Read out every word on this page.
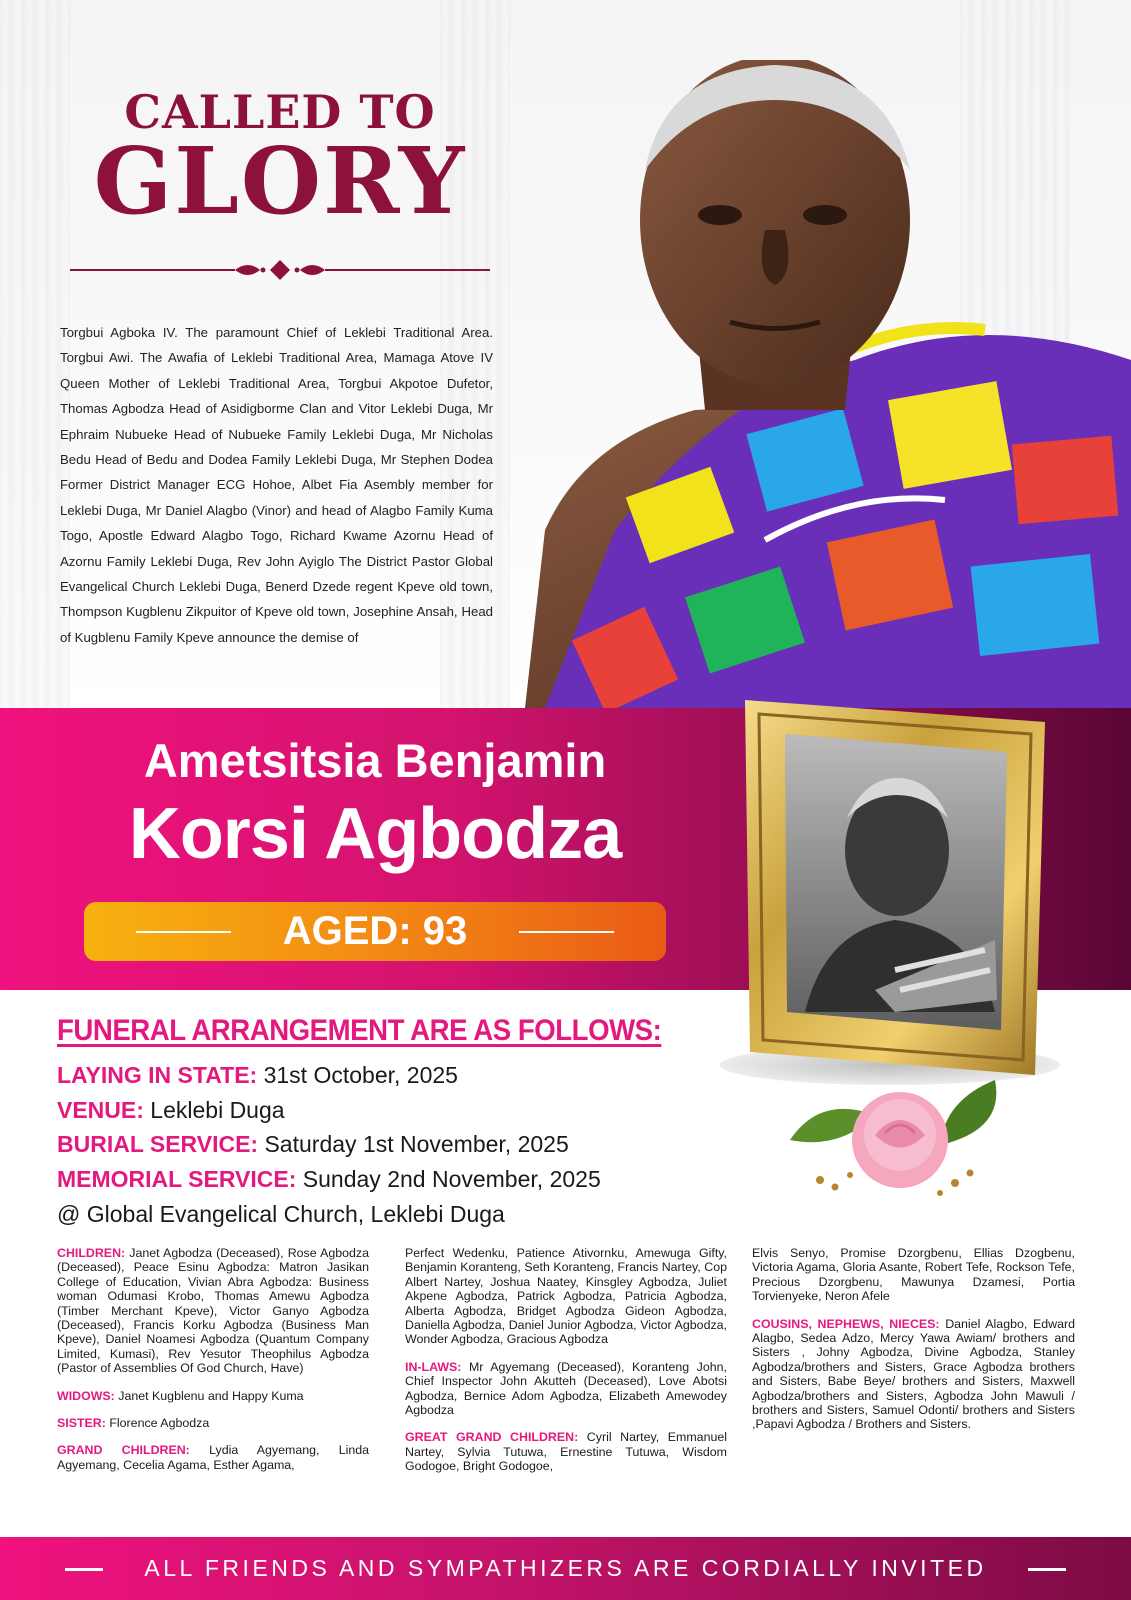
CALLED TO
GLORY
Torgbui Agboka IV. The paramount Chief of Leklebi Traditional Area. Torgbui Awi. The Awafia of Leklebi Traditional Area, Mamaga Atove IV Queen Mother of Leklebi Traditional Area, Torgbui Akpotoe Dufetor, Thomas Agbodza Head of Asidigborme Clan and Vitor Leklebi Duga, Mr Ephraim Nubueke Head of Nubueke Family Leklebi Duga, Mr Nicholas Bedu Head of Bedu and Dodea Family Leklebi Duga, Mr Stephen Dodea Former District Manager ECG Hohoe, Albet Fia Asembly member for Leklebi Duga, Mr Daniel Alagbo (Vinor) and head of Alagbo Family Kuma Togo, Apostle Edward Alagbo Togo, Richard Kwame Azornu Head of Azornu Family Leklebi Duga, Rev John Ayiglo The District Pastor Global Evangelical Church Leklebi Duga, Benerd Dzede regent Kpeve old town, Thompson Kugblenu Zikpuitor of Kpeve old town, Josephine Ansah, Head of Kugblenu Family Kpeve announce the demise of
Ametsitsia Benjamin
Korsi Agbodza
AGED: 93
FUNERAL ARRANGEMENT ARE AS FOLLOWS:
LAYING IN STATE: 31st October, 2025
VENUE: Leklebi Duga
BURIAL SERVICE: Saturday 1st November, 2025
MEMORIAL SERVICE: Sunday 2nd November, 2025
@ Global Evangelical Church, Leklebi Duga

CHILDREN: Janet Agbodza (Deceased), Rose Agbodza (Deceased), Peace Esinu Agbodza: Matron Jasikan College of Education, Vivian Abra Agbodza: Business woman Odumasi Krobo, Thomas Amewu Agbodza (Timber Merchant Kpeve), Victor Ganyo Agbodza (Deceased), Francis Korku Agbodza (Business Man Kpeve), Daniel Noamesi Agbodza (Quantum Company Limited, Kumasi), Rev Yesutor Theophilus Agbodza (Pastor of Assemblies Of God Church, Have)

WIDOWS: Janet Kugblenu and Happy Kuma

SISTER: Florence Agbodza

GRAND CHILDREN: Lydia Agyemang, Linda Agyemang, Cecelia Agama, Esther Agama,

Perfect Wedenku, Patience Ativornku, Amewuga Gifty, Benjamin Koranteng, Seth Koranteng, Francis Nartey, Cop Albert Nartey, Joshua Naatey, Kinsgley Agbodza, Juliet Akpene Agbodza, Patrick Agbodza, Patricia Agbodza, Alberta Agbodza, Bridget Agbodza Gideon Agbodza, Daniella Agbodza, Daniel Junior Agbodza, Victor Agbodza, Wonder Agbodza, Gracious Agbodza

IN-LAWS: Mr Agyemang (Deceased), Koranteng John, Chief Inspector John Akutteh (Deceased), Love Abotsi Agbodza, Bernice Adom Agbodza, Elizabeth Amewodey Agbodza

GREAT GRAND CHILDREN: Cyril Nartey, Emmanuel Nartey, Sylvia Tutuwa, Ernestine Tutuwa, Wisdom Godogoe, Bright Godogoe,

Elvis Senyo, Promise Dzorgbenu, Ellias Dzogbenu, Victoria Agama, Gloria Asante, Robert Tefe, Rockson Tefe, Precious Dzorgbenu, Mawunya Dzamesi, Portia Torvienyeke, Neron Afele

COUSINS, NEPHEWS, NIECES: Daniel Alagbo, Edward Alagbo, Sedea Adzo, Mercy Yawa Awiam/ brothers and Sisters , Johny Agbodza, Divine Agbodza, Stanley Agbodza/brothers and Sisters, Grace Agbodza brothers and Sisters, Babe Beye/ brothers and Sisters, Maxwell Agbodza/brothers and Sisters, Agbodza John Mawuli / brothers and Sisters, Samuel Odonti/ brothers and Sisters ,Papavi Agbodza / Brothers and Sisters.

ALL FRIENDS AND SYMPATHIZERS ARE CORDIALLY INVITED
